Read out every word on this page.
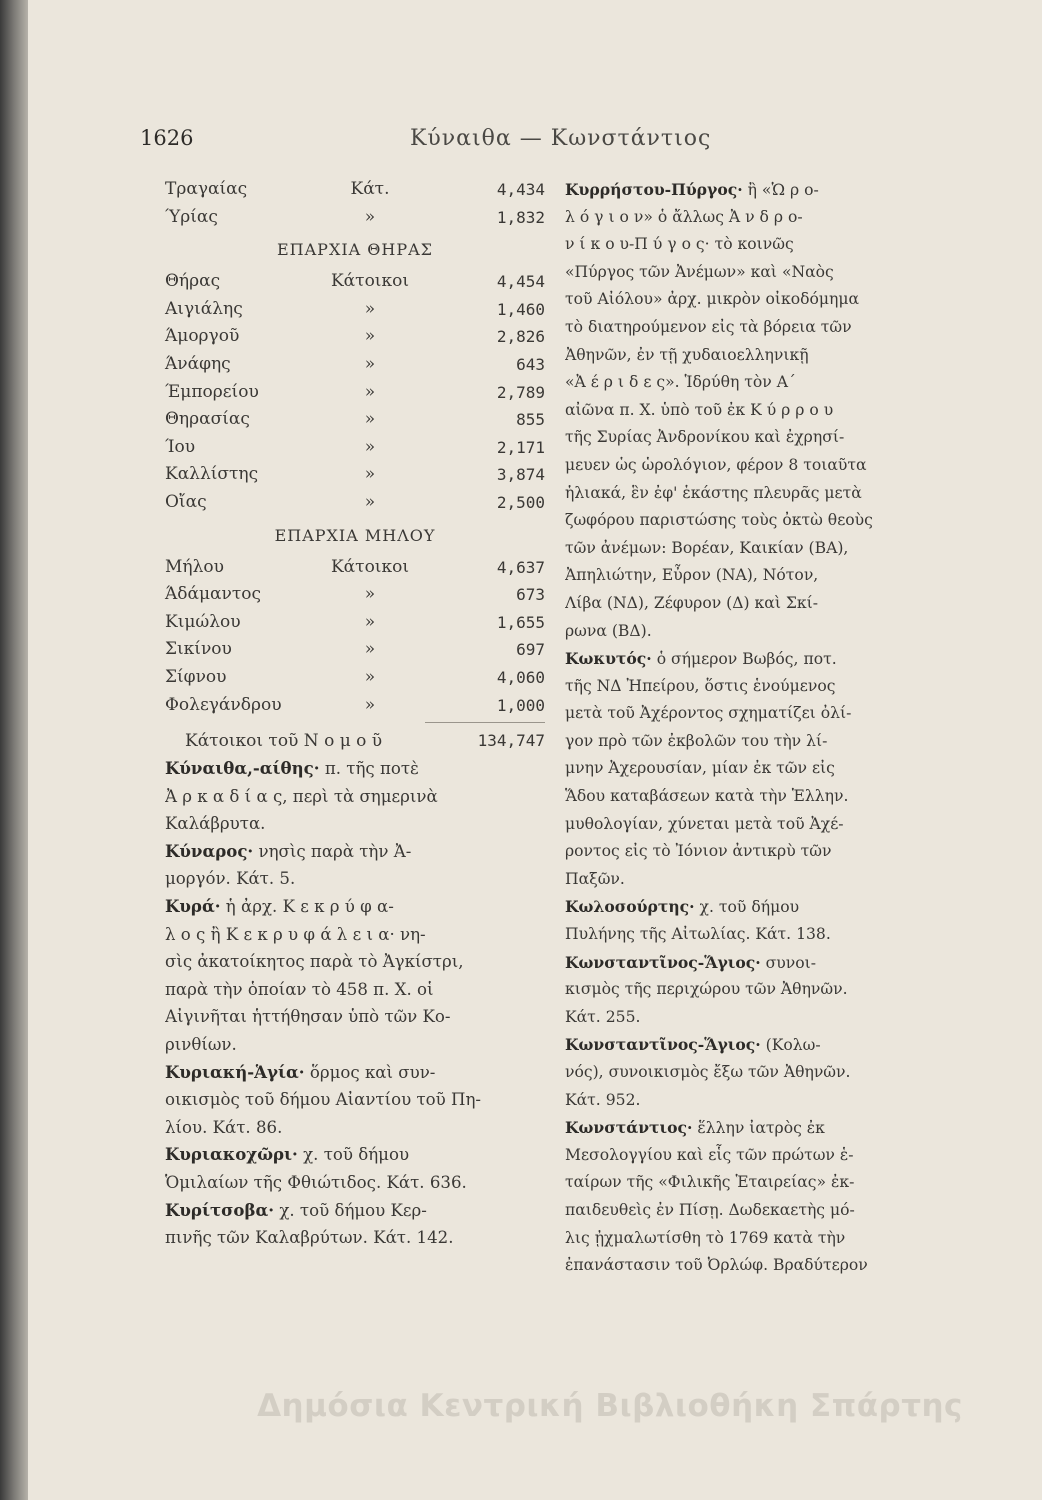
1626	Κύναιθα — Κωνστάντιος
Τραγαίας	Κάτ.	4,434
Ύρίας	»	1,832
ΕΠΑΡΧΙΑ ΘΗΡΑΣ
Θήρας	Κάτοικοι	4,454
Αιγιάλης	»	1,460
Άμοργοῦ	»	2,826
Άνάφης	»	643
Έμπορείου	»	2,789
Θηρασίας	»	855
Ίου	»	2,171
Καλλίστης	»	3,874
Οἴας	»	2,500
ΕΠΑΡΧΙΑ ΜΗΛΟΥ
Μήλου	Κάτοικοι	4,637
Άδάμαντος	»	673
Κιμώλου	»	1,655
Σικίνου	»	697
Σίφνου	»	4,060
Φολεγάνδρου	»	1,000
Κάτοικοι τοῦ Ν ο μ ο ῦ	134,747
Κύναιθα,-αίθης· π. τῆς ποτὲ
Ἀ ρ κ α δ ί α ς, περὶ τὰ σημερινὰ
Καλάβρυτα.
Κύναρος· νησὶς παρὰ τὴν Ἀ-
μοργόν. Κάτ. 5.
Κυρά· ἡ ἀρχ. Κ ε κ ρ ύ φ α-
λ ο ς ἢ Κ ε κ ρ υ φ ά λ ε ι α· νη-
σὶς ἀκατοίκητος παρὰ τὸ Ἀγκίστρι,
παρὰ τὴν ὁποίαν τὸ 458 π. Χ. οἱ
Αἰγινῆται ἡττήθησαν ὑπὸ τῶν Κο-
ρινθίων.
Κυριακή-Ἁγία· ὅρμος καὶ συν-
οικισμὸς τοῦ δήμου Αἰαντίου τοῦ Πη-
λίου. Κάτ. 86.
Κυριακοχῶρι· χ. τοῦ δήμου
Ὁμιλαίων τῆς Φθιώτιδος. Κάτ. 636.
Κυρίτσοβα· χ. τοῦ δήμου Κερ-
πινῆς τῶν Καλαβρύτων. Κάτ. 142.
Κυρρήστου-Πύργος· ἢ «Ὡ ρ ο-
λ ό γ ι ο ν» ὁ ἄλλως Ἀ ν δ ρ ο-
ν ί κ ο υ-Π ύ γ ο ς· τὸ κοινῶς
«Πύργος τῶν Ἀνέμων» καὶ «Ναὸς
τοῦ Αἰόλου» ἀρχ. μικρὸν οἰκοδόμημα
τὸ διατηρούμενον εἰς τὰ βόρεια τῶν
Ἀθηνῶν, ἐν τῇ χυδαιοελληνικῇ
«Ἀ έ ρ ι δ ε ς». Ἱδρύθη τὸν Α´
αἰῶνα π. Χ. ὑπὸ τοῦ ἐκ Κ ύ ρ ρ ο υ
τῆς Συρίας Ἀνδρονίκου καὶ ἐχρησί-
μευεν ὡς ὡρολόγιον, φέρον 8 τοιαῦτα
ἡλιακά, ἓν ἐφ' ἑκάστης πλευρᾶς μετὰ
ζωφόρου παριστώσης τοὺς ὀκτὼ θεοὺς
τῶν ἀνέμων: Βορέαν, Καικίαν (ΒΑ),
Ἀπηλιώτην, Εὖρον (ΝΑ), Νότον,
Λίβα (ΝΔ), Ζέφυρον (Δ) καὶ Σκί-
ρωνα (ΒΔ).
Κωκυτός· ὁ σήμερον Βωβός, ποτ.
τῆς ΝΔ Ἠπείρου, ὅστις ἑνούμενος
μετὰ τοῦ Ἀχέροντος σχηματίζει ὀλί-
γον πρὸ τῶν ἐκβολῶν του τὴν λί-
μνην Ἀχερουσίαν, μίαν ἐκ τῶν εἰς
Ἅδου καταβάσεων κατὰ τὴν Ἑλλην.
μυθολογίαν, χύνεται μετὰ τοῦ Ἀχέ-
ροντος εἰς τὸ Ἰόνιον ἀντικρὺ τῶν
Παξῶν.
Κωλοσούρτης· χ. τοῦ δήμου
Πυλήνης τῆς Αἰτωλίας. Κάτ. 138.
Κωνσταντῖνος-Ἅγιος· συνοι-
κισμὸς τῆς περιχώρου τῶν Ἀθηνῶν.
Κάτ. 255.
Κωνσταντῖνος-Ἅγιος· (Κολω-
νός), συνοικισμὸς ἔξω τῶν Ἀθηνῶν.
Κάτ. 952.
Κωνστάντιος· ἕλλην ἰατρὸς ἐκ
Μεσολογγίου καὶ εἷς τῶν πρώτων ἑ-
ταίρων τῆς «Φιλικῆς Ἑταιρείας» ἐκ-
παιδευθεὶς ἐν Πίσῃ. Δωδεκαετὴς μό-
λις ᾐχμαλωτίσθη τὸ 1769 κατὰ τὴν
ἐπανάστασιν τοῦ Ὀρλώφ. Βραδύτερον
Δημόσια Κεντρική Βιβλιοθήκη Σπάρτης
